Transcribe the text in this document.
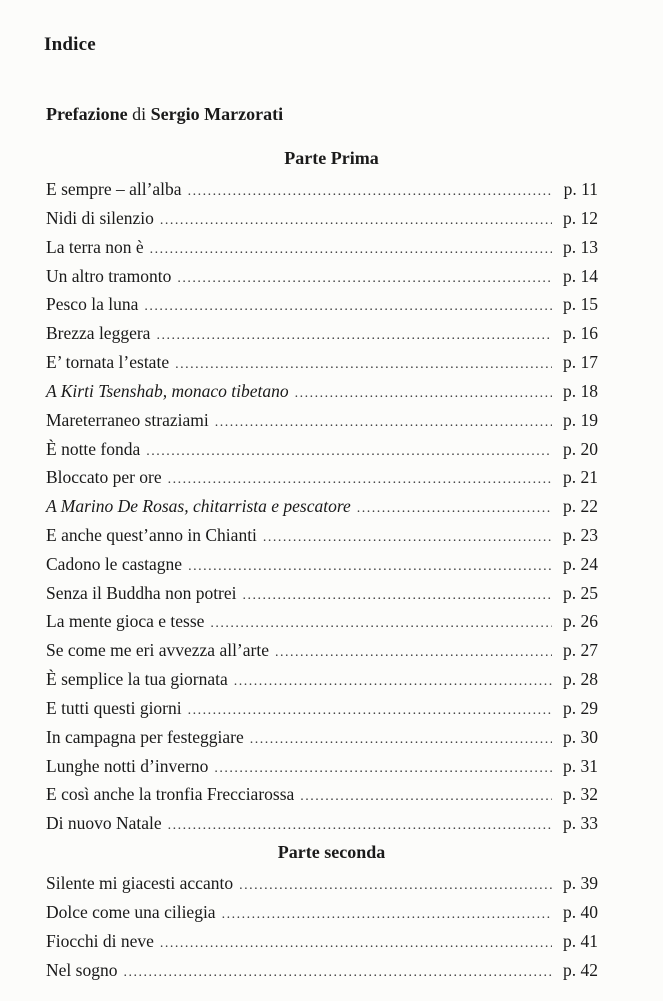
Indice
Prefazione di Sergio Marzorati
Parte Prima
E sempre – all’alba .....	p. 11
Nidi di silenzio .....	p. 12
La terra non è .....	p. 13
Un altro tramonto .....	p. 14
Pesco la luna .....	p. 15
Brezza leggera .....	p. 16
E’ tornata l’estate .....	p. 17
A Kirti Tsenshab, monaco tibetano .....	p. 18
Mareterraneo straziami .....	p. 19
È notte fonda .....	p. 20
Bloccato per ore .....	p. 21
A Marino De Rosas, chitarrista e pescatore .....	p. 22
E anche quest’anno in Chianti .....	p. 23
Cadono le castagne .....	p. 24
Senza il Buddha non potrei .....	p. 25
La mente gioca e tesse .....	p. 26
Se come me eri avvezza all’arte .....	p. 27
È semplice la tua giornata .....	p. 28
E tutti questi giorni .....	p. 29
In campagna per festeggiare .....	p. 30
Lunghe notti d’inverno .....	p. 31
E così anche la tronfia Frecciarossa .....	p. 32
Di nuovo Natale .....	p. 33
Parte seconda
Silente mi giacesti accanto .....	p. 39
Dolce come una ciliegia .....	p. 40
Fiocchi di neve .....	p. 41
Nel sogno .....	p. 42
